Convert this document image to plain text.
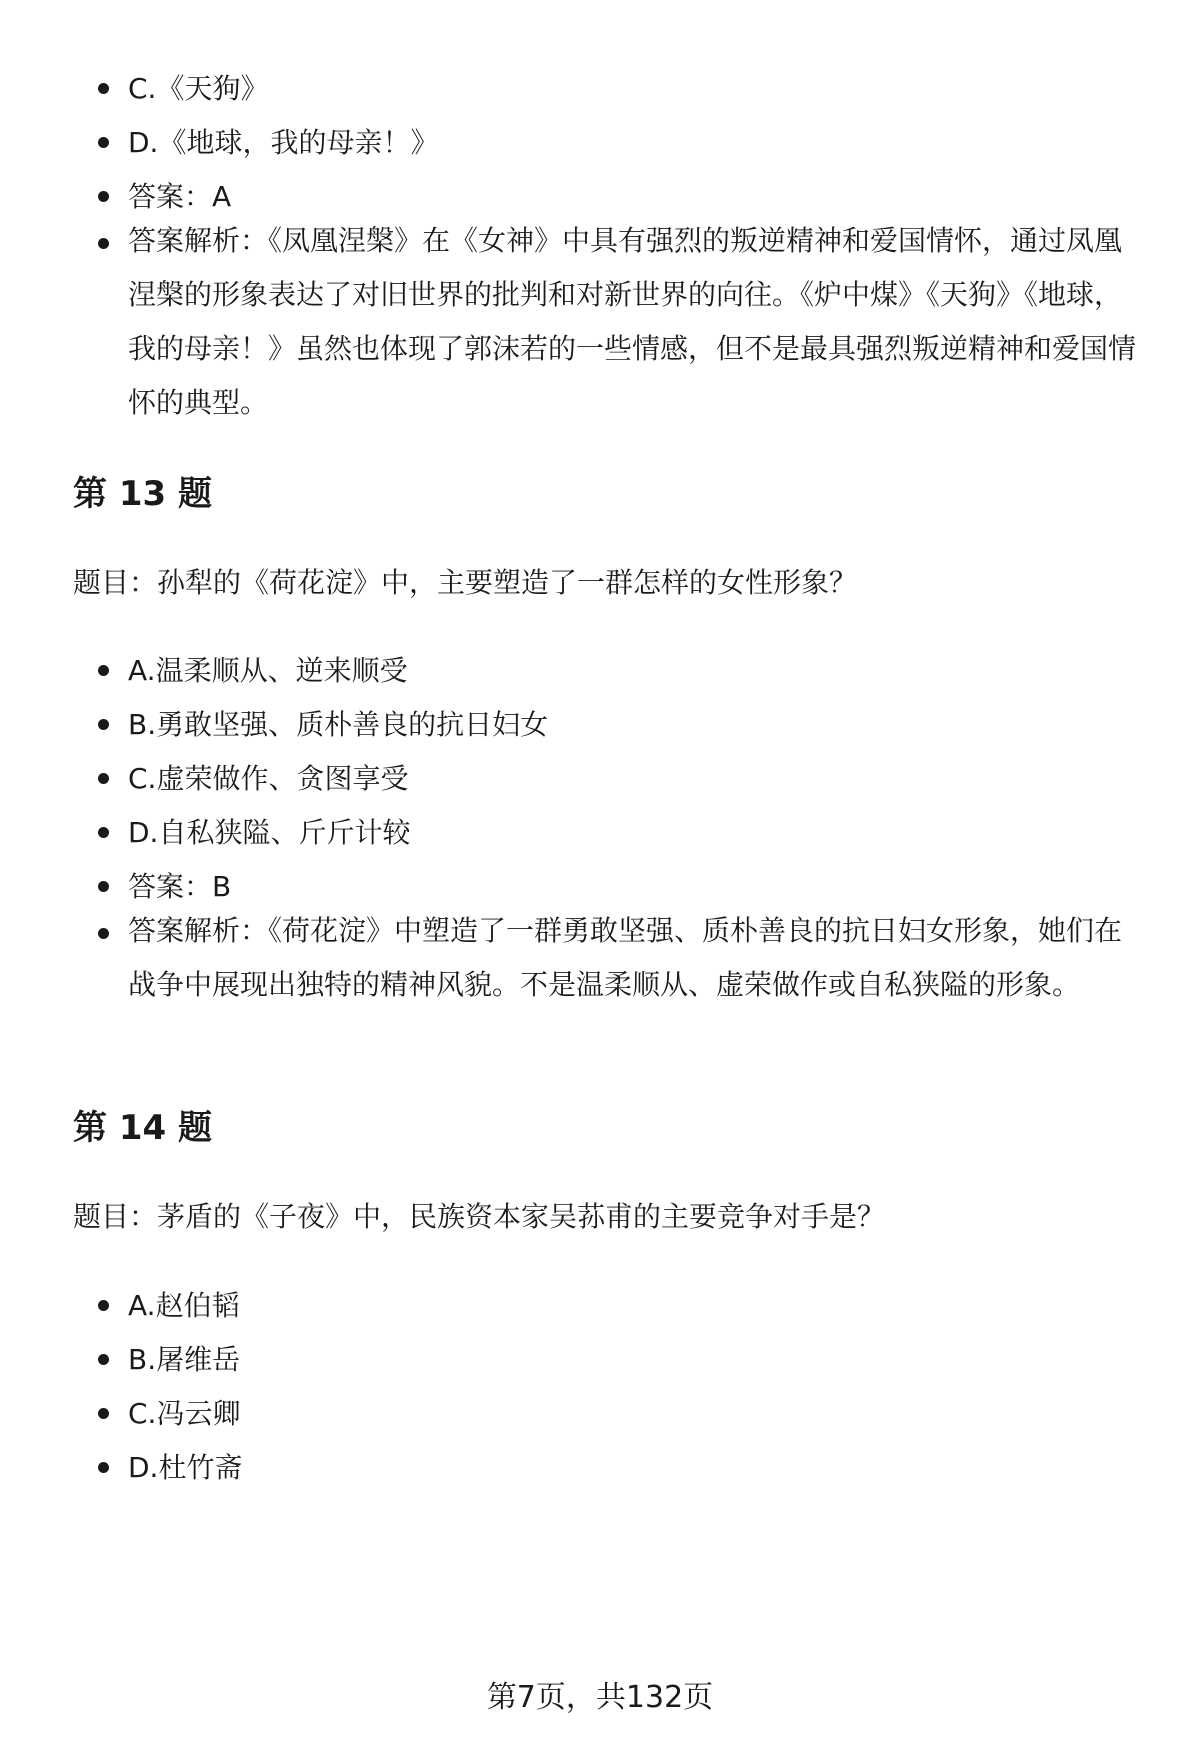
C.《天狗》
D.《地球，我的母亲！》
答案：A
答案解析：《凤凰涅槃》在《女神》中具有强烈的叛逆精神和爱国情怀，通过凤凰涅槃的形象表达了对旧世界的批判和对新世界的向往。《炉中煤》《天狗》《地球，我的母亲！》虽然也体现了郭沫若的一些情感，但不是最具强烈叛逆精神和爱国情怀的典型。
第 13 题

题目：孙犁的《荷花淀》中，主要塑造了一群怎样的女性形象？

A.温柔顺从、逆来顺受
B.勇敢坚强、质朴善良的抗日妇女
C.虚荣做作、贪图享受
D.自私狭隘、斤斤计较
答案：B
答案解析：《荷花淀》中塑造了一群勇敢坚强、质朴善良的抗日妇女形象，她们在战争中展现出独特的精神风貌。不是温柔顺从、虚荣做作或自私狭隘的形象。
第 14 题

题目：茅盾的《子夜》中，民族资本家吴荪甫的主要竞争对手是？

A.赵伯韬
B.屠维岳
C.冯云卿
D.杜竹斋
第7页，共132页
